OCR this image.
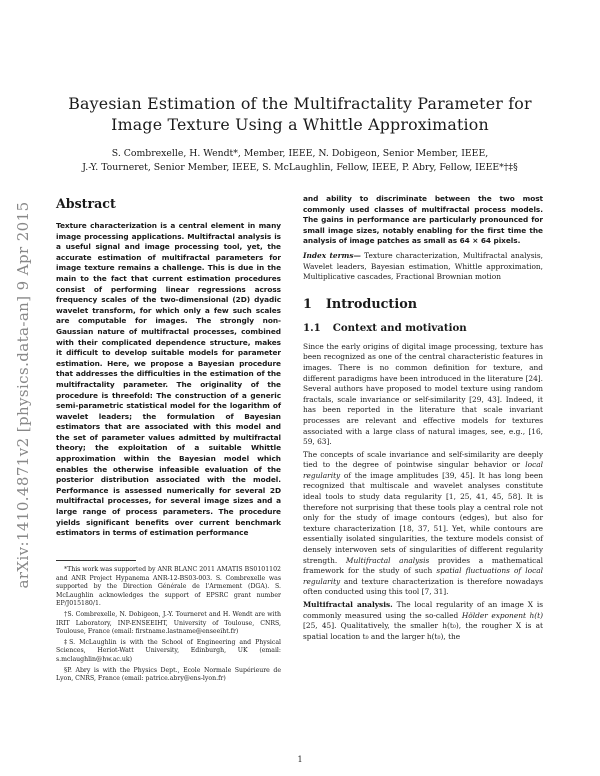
arXiv:1410.4871v2 [physics.data-an] 9 Apr 2015
Bayesian Estimation of the Multifractality Parameter for
Image Texture Using a Whittle Approximation
S. Combrexelle, H. Wendt*, Member, IEEE, N. Dobigeon, Senior Member, IEEE,
J.-Y. Tourneret, Senior Member, IEEE, S. McLaughlin, Fellow, IEEE, P. Abry, Fellow, IEEE*†‡§
Abstract
Texture characterization is a central element in many image processing applications. Multifractal analysis is a useful signal and image processing tool, yet, the accurate estimation of multifractal parameters for image texture remains a challenge. This is due in the main to the fact that current estimation procedures consist of performing linear regressions across frequency scales of the two-dimensional (2D) dyadic wavelet transform, for which only a few such scales are computable for images. The strongly non-Gaussian nature of multifractal processes, combined with their complicated dependence structure, makes it difficult to develop suitable models for parameter estimation. Here, we propose a Bayesian procedure that addresses the difficulties in the estimation of the multifractality parameter. The originality of the procedure is threefold: The construction of a generic semi-parametric statistical model for the logarithm of wavelet leaders; the formulation of Bayesian estimators that are associated with this model and the set of parameter values admitted by multifractal theory; the exploitation of a suitable Whittle approximation within the Bayesian model which enables the otherwise infeasible evaluation of the posterior distribution associated with the model. Performance is assessed numerically for several 2D multifractal processes, for several image sizes and a large range of process parameters. The procedure yields significant benefits over current benchmark estimators in terms of estimation performance
and ability to discriminate between the two most commonly used classes of multifractal process models. The gains in performance are particularly pronounced for small image sizes, notably enabling for the first time the analysis of image patches as small as 64 × 64 pixels.
Index terms— Texture characterization, Multifractal analysis, Wavelet leaders, Bayesian estimation, Whittle approximation, Multiplicative cascades, Fractional Brownian motion
1 Introduction
1.1 Context and motivation

Since the early origins of digital image processing, texture has been recognized as one of the central characteristic features in images. There is no common definition for texture, and different paradigms have been introduced in the literature [24]. Several authors have proposed to model texture using random fractals, scale invariance or self-similarity [29, 43]. Indeed, it has been reported in the literature that scale invariant processes are relevant and effective models for textures associated with a large class of natural images, see, e.g., [16, 59, 63].

The concepts of scale invariance and self-similarity are deeply tied to the degree of pointwise singular behavior or local regularity of the image amplitudes [39, 45]. It has long been recognized that multiscale and wavelet analyses constitute ideal tools to study data regularity [1, 25, 41, 45, 58]. It is therefore not surprising that these tools play a central role not only for the study of image contours (edges), but also for texture characterization [18, 37, 51]. Yet, while contours are essentially isolated singularities, the texture models consist of densely interwoven sets of singularities of different regularity strength. Multifractal analysis provides a mathematical framework for the study of such spatial fluctuations of local regularity and texture characterization is therefore nowadays often conducted using this tool [7, 31].

Multifractal analysis. The local regularity of an image X is commonly measured using the so-called Hölder exponent h(t) [25, 45]. Qualitatively, the smaller h(t₀), the rougher X is at spatial location t₀ and the larger h(t₀), the

*This work was supported by ANR BLANC 2011 AMATIS BS0101102 and ANR Project Hypanema ANR-12-BS03-003. S. Combrexelle was supported by the Direction Générale de l'Armement (DGA). S. McLaughlin acknowledges the support of EPSRC grant number EP/J015180/1.

†S. Combrexelle, N. Dobigeon, J.-Y. Tourneret and H. Wendt are with IRIT Laboratory, INP-ENSEEIHT, University of Toulouse, CNRS, Toulouse, France (email: firstname.lastname@enseeiht.fr)

‡S. McLaughlin is with the School of Engineering and Physical Sciences, Heriot-Watt University, Edinburgh, UK (email: s.mclaughlin@hw.ac.uk)

§P. Abry is with the Physics Dept., Ecole Normale Supérieure de Lyon, CNRS, France (email: patrice.abry@ens-lyon.fr)

1
